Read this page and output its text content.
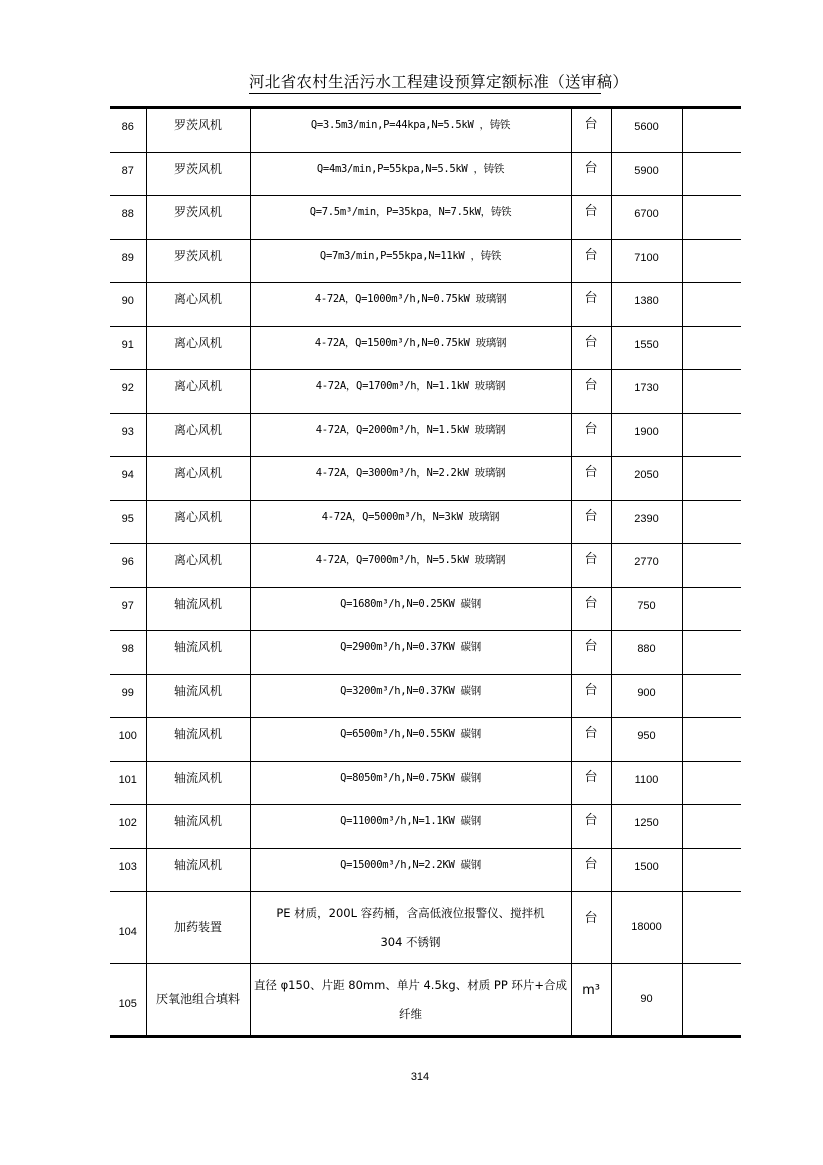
河北省农村生活污水工程建设预算定额标准（送审稿）
86	罗茨风机	Q=3.5m3/min,P=44kpa,N=5.5kW ，铸铁	台	5600	

87	罗茨风机	Q=4m3/min,P=55kpa,N=5.5kW ，铸铁	台	5900	

88	罗茨风机	Q=7.5m³/min，P=35kpa，N=7.5kW，铸铁	台	6700	

89	罗茨风机	Q=7m3/min,P=55kpa,N=11kW ，铸铁	台	7100	

90	离心风机	4-72A，Q=1000m³/h,N=0.75kW 玻璃钢	台	1380	

91	离心风机	4-72A，Q=1500m³/h,N=0.75kW 玻璃钢	台	1550	

92	离心风机	4-72A，Q=1700m³/h，N=1.1kW 玻璃钢	台	1730	

93	离心风机	4-72A，Q=2000m³/h，N=1.5kW 玻璃钢	台	1900	

94	离心风机	4-72A，Q=3000m³/h，N=2.2kW 玻璃钢	台	2050	

95	离心风机	4-72A，Q=5000m³/h，N=3kW 玻璃钢	台	2390	

96	离心风机	4-72A，Q=7000m³/h，N=5.5kW 玻璃钢	台	2770	

97	轴流风机	Q=1680m³/h,N=0.25KW 碳钢	台	750	

98	轴流风机	Q=2900m³/h,N=0.37KW 碳钢	台	880	

99	轴流风机	Q=3200m³/h,N=0.37KW 碳钢	台	900	

100	轴流风机	Q=6500m³/h,N=0.55KW 碳钢	台	950	

101	轴流风机	Q=8050m³/h,N=0.75KW 碳钢	台	1100	

102	轴流风机	Q=11000m³/h,N=1.1KW 碳钢	台	1250	

103	轴流风机	Q=15000m³/h,N=2.2KW 碳钢	台	1500	

104	加药装置	PE 材质，200L 容药桶，含高低液位报警仪、搅拌机
304 不锈钢	台	18000	

105	厌氧池组合填料	直径 φ150、片距 80mm、单片 4.5kg、材质 PP 环片+合成
纤维	m³	90	

314
